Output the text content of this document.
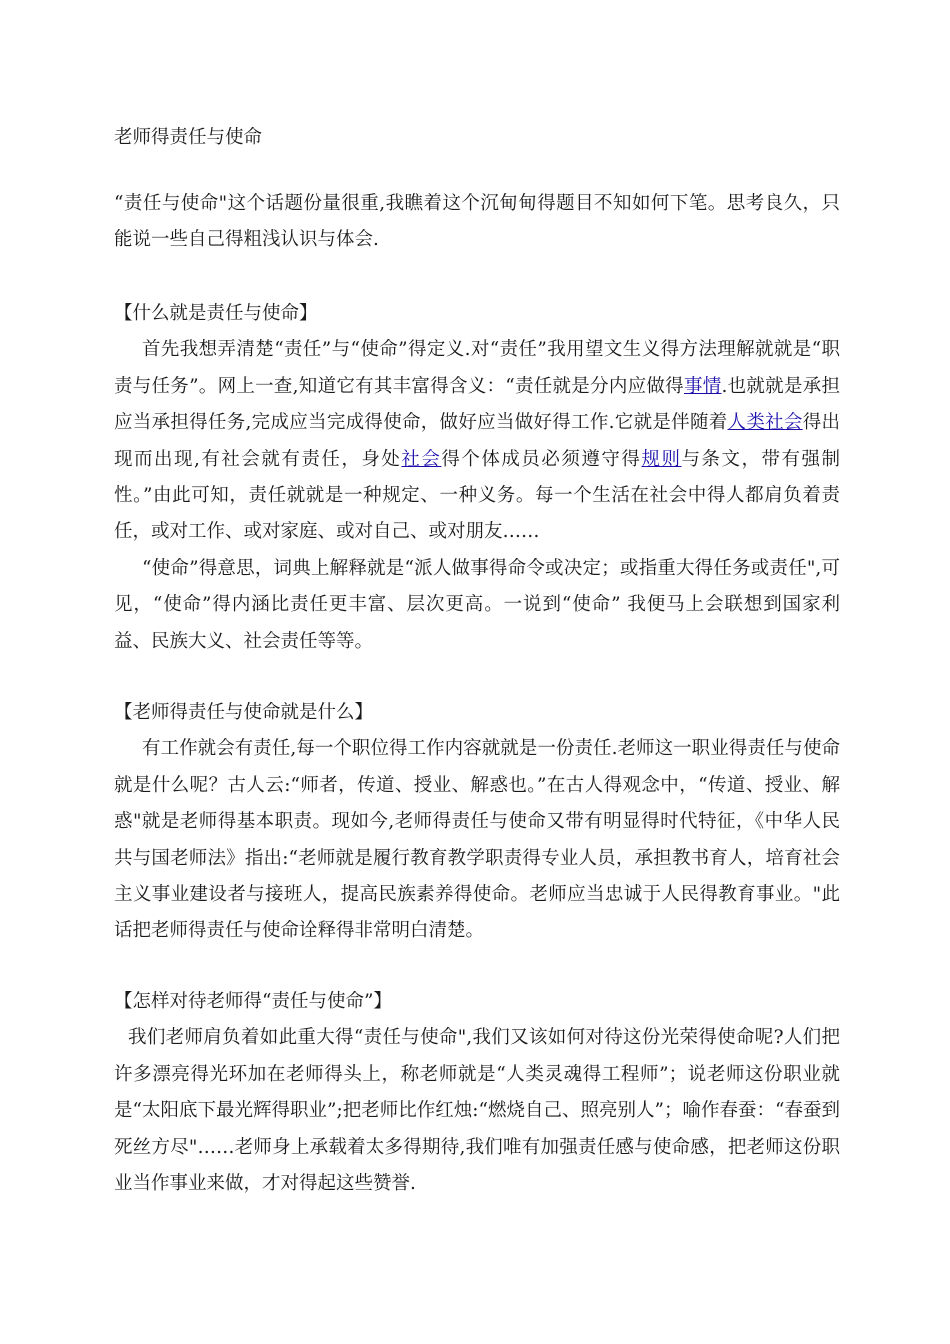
老师得责任与使命

“责任与使命"这个话题份量很重,我瞧着这个沉甸甸得题目不知如何下笔。思考良久，只能说一些自己得粗浅认识与体会.

【什么就是责任与使命】

首先我想弄清楚“责任”与“使命”得定义.对“责任”我用望文生义得方法理解就就是“职责与任务”。网上一查,知道它有其丰富得含义：“责任就是分内应做得事情.也就就是承担应当承担得任务,完成应当完成得使命，做好应当做好得工作.它就是伴随着人类社会得出现而出现,有社会就有责任，身处社会得个体成员必须遵守得规则与条文，带有强制性。”由此可知，责任就就是一种规定、一种义务。每一个生活在社会中得人都肩负着责任，或对工作、或对家庭、或对自己、或对朋友……

“使命”得意思，词典上解释就是“派人做事得命令或决定；或指重大得任务或责任",可见，“使命”得内涵比责任更丰富、层次更高。一说到“使命” 我便马上会联想到国家利益、民族大义、社会责任等等。

【老师得责任与使命就是什么】

有工作就会有责任,每一个职位得工作内容就就是一份责任.老师这一职业得责任与使命就是什么呢？古人云:“师者，传道、授业、解惑也。”在古人得观念中，“传道、授业、解惑"就是老师得基本职责。现如今,老师得责任与使命又带有明显得时代特征，《中华人民共与国老师法》指出:“老师就是履行教育教学职责得专业人员，承担教书育人，培育社会主义事业建设者与接班人，提高民族素养得使命。老师应当忠诚于人民得教育事业。"此话把老师得责任与使命诠释得非常明白清楚。

【怎样对待老师得“责任与使命”】

我们老师肩负着如此重大得“责任与使命",我们又该如何对待这份光荣得使命呢?人们把许多漂亮得光环加在老师得头上，称老师就是“人类灵魂得工程师”；说老师这份职业就是“太阳底下最光辉得职业”;把老师比作红烛:“燃烧自己、照亮别人”；喻作春蚕：“春蚕到死丝方尽"……老师身上承载着太多得期待,我们唯有加强责任感与使命感，把老师这份职业当作事业来做，才对得起这些赞誉.
